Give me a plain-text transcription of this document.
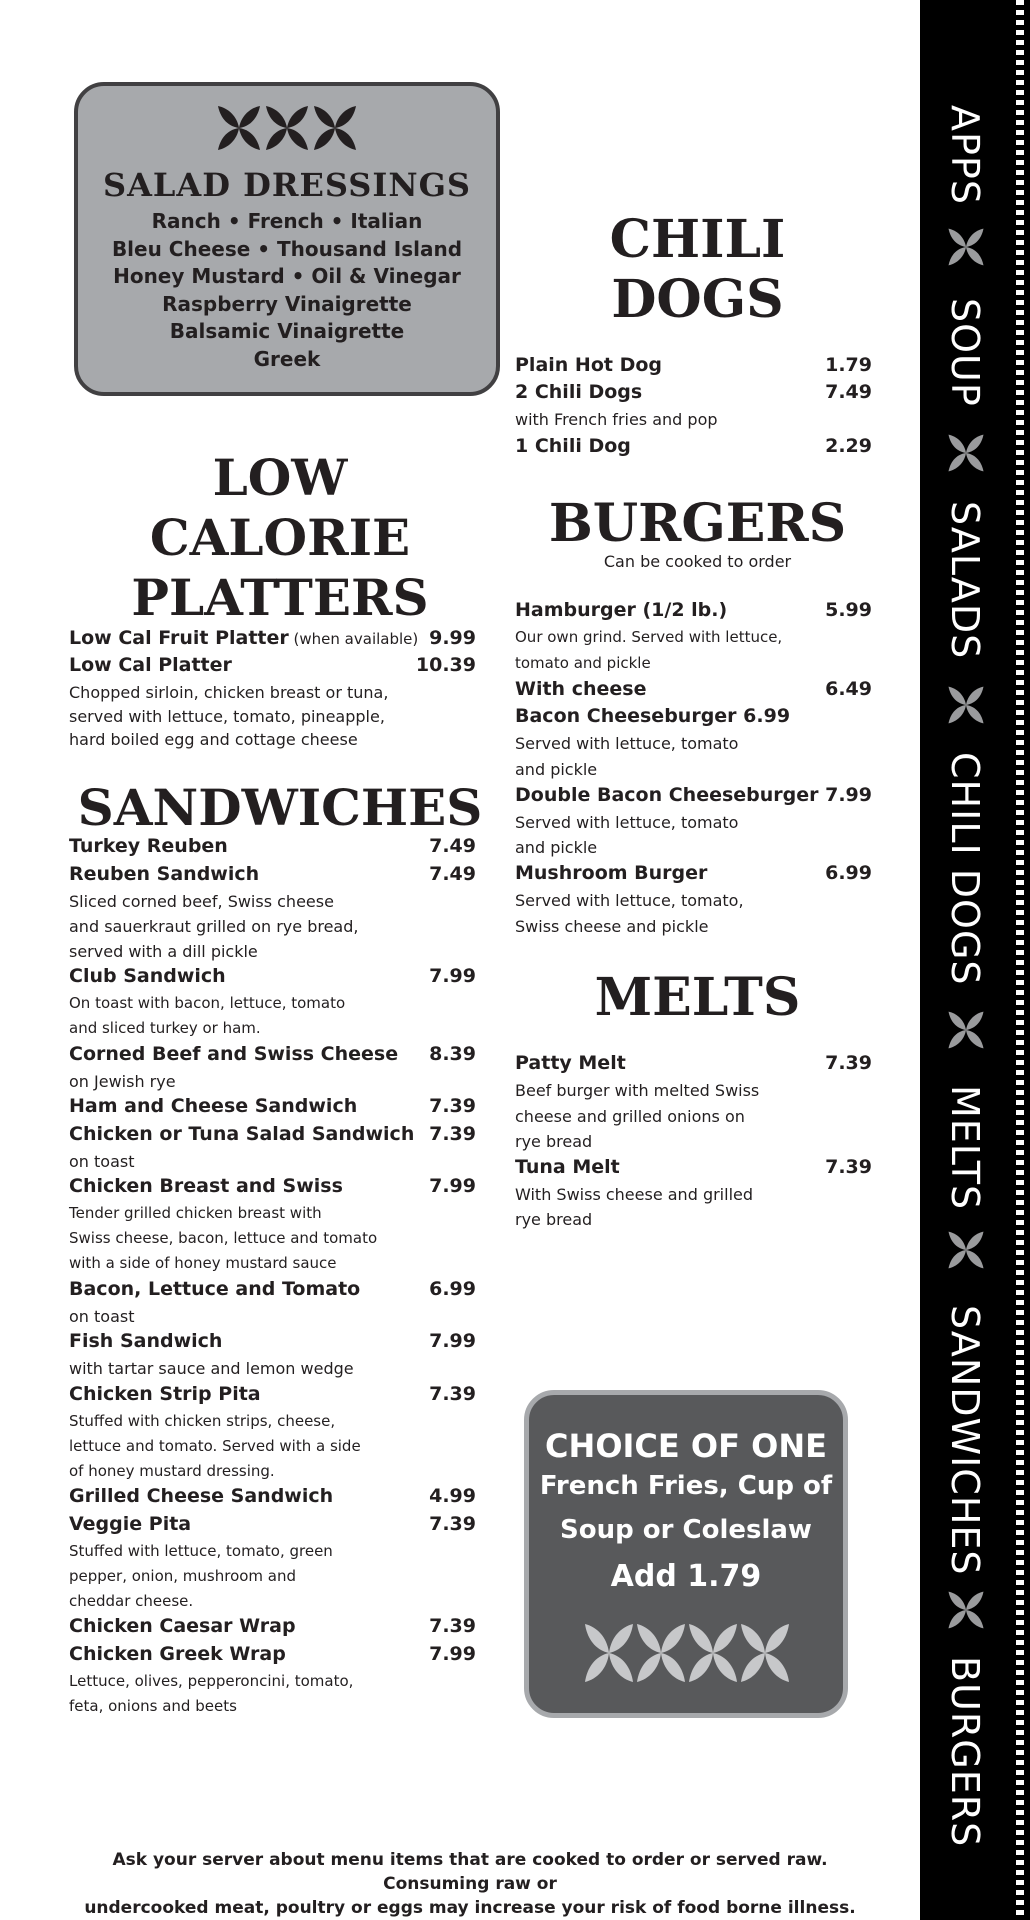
APPS
SOUP
SALADS
CHILI DOGS
MELTS
SANDWICHES
BURGERS
SALAD DRESSINGS
Ranch • French • Italian
Bleu Cheese • Thousand Island
Honey Mustard • Oil & Vinegar
Raspberry Vinaigrette
Balsamic Vinaigrette
Greek
LOW
CALORIE
PLATTERS
Low Cal Fruit Platter (when available) 9.99
Low Cal Platter	10.39
Chopped sirloin, chicken breast or tuna,
served with lettuce, tomato, pineapple,
hard boiled egg and cottage cheese
SANDWICHES
Turkey Reuben	7.49
Reuben Sandwich	7.49
Sliced corned beef, Swiss cheese
and sauerkraut grilled on rye bread,
served with a dill pickle
Club Sandwich	7.99
On toast with bacon, lettuce, tomato
and sliced turkey or ham.
Corned Beef and Swiss Cheese	8.39
on Jewish rye
Ham and Cheese Sandwich	7.39
Chicken or Tuna Salad Sandwich 7.39
on toast
Chicken Breast and Swiss	7.99
Tender grilled chicken breast with
Swiss cheese, bacon, lettuce and tomato
with a side of honey mustard sauce
Bacon, Lettuce and Tomato	6.99
on toast
Fish Sandwich	7.99
with tartar sauce and lemon wedge
Chicken Strip Pita	7.39
Stuffed with chicken strips, cheese,
lettuce and tomato. Served with a side
of honey mustard dressing.
Grilled Cheese Sandwich	4.99
Veggie Pita	7.39
Stuffed with lettuce, tomato, green
pepper, onion, mushroom and
cheddar cheese.
Chicken Caesar Wrap	7.39
Chicken Greek Wrap	7.99
Lettuce, olives, pepperoncini, tomato,
feta, onions and beets
CHILI
DOGS
Plain Hot Dog	1.79
2 Chili Dogs	7.49
with French fries and pop
1 Chili Dog	2.29
BURGERS
Can be cooked to order
Hamburger (1/2 lb.)	5.99
Our own grind. Served with lettuce,
tomato and pickle
With cheese	6.49
Bacon Cheeseburger 6.99
Served with lettuce, tomato
and pickle
Double Bacon Cheeseburger 7.99
Served with lettuce, tomato
and pickle
Mushroom Burger	6.99
Served with lettuce, tomato,
Swiss cheese and pickle
MELTS
Patty Melt	7.39
Beef burger with melted Swiss
cheese and grilled onions on
rye bread
Tuna Melt	7.39
With Swiss cheese and grilled
rye bread
CHOICE OF ONE
French Fries, Cup of
Soup or Coleslaw
Add 1.79
Ask your server about menu items that are cooked to order or served raw. Consuming raw or
undercooked meat, poultry or eggs may increase your risk of food borne illness.
